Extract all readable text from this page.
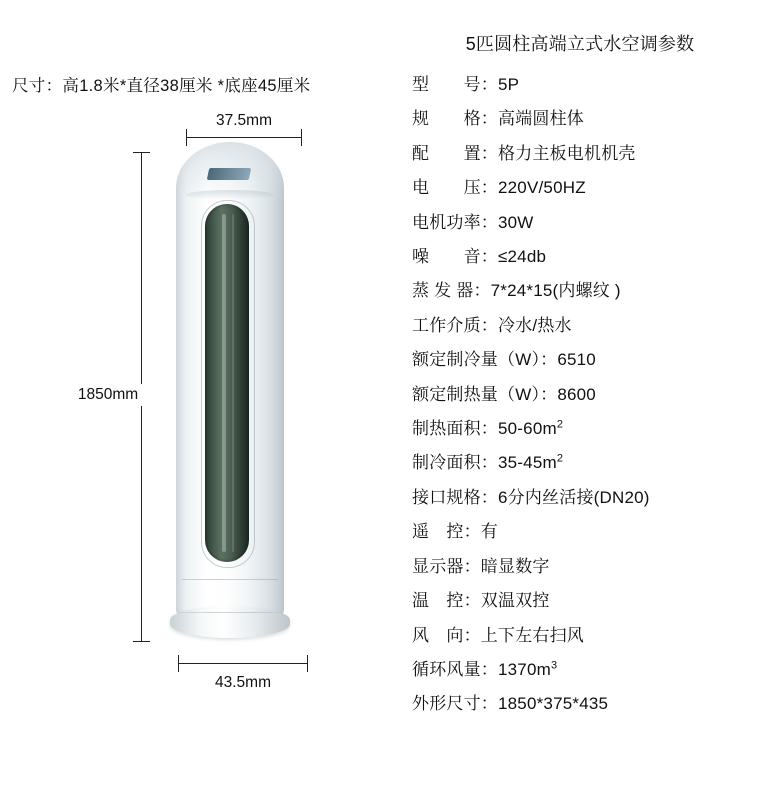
尺寸：高1.8米*直径38厘米 *底座45厘米
37.5mm
1850mm
43.5mm
5匹圆柱高端立式水空调参数
型　　号：5P
规　　格：高端圆柱体
配　　置：格力主板电机机壳
电　　压：220V/50HZ
电机功率：30W
噪　　音：≤24db
蒸 发 器：7*24*15(内螺纹 )
工作介质：冷水/热水
额定制冷量（W）：6510
额定制热量（W）：8600
制热面积：$50-60m^2$
制冷面积：$35-45m^2$
接口规格：6分内丝活接(DN20)
遥　控：有
显示器：暗显数字
温　控：双温双控
风　向：上下左右扫风
循环风量：$1370m^3$
外形尺寸：1850*375*435
